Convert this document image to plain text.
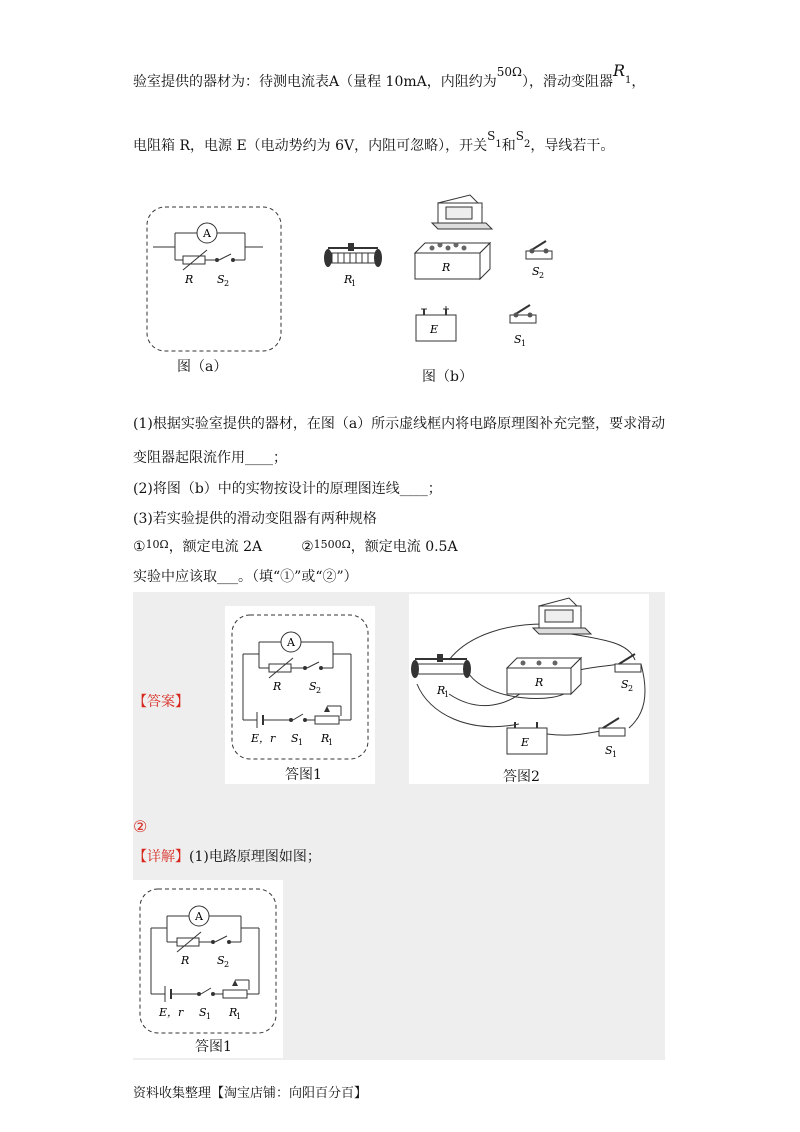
验室提供的器材为：待测电流表A（量程 10mA，内阻约为50Ω），滑动变阻器$R^1$，
电阻箱 R，电源 E（电动势约为 6V，内阻可忽略），开关$S^1$和$S^2$，导线若干。
A
R S 2
图（a）
R
1
R	S 2
E
S 1
图（b）
(1)根据实验室提供的器材，在图（a）所示虚线框内将电路原理图补充完整，要求滑动
变阻器起限流作用____；
(2)将图（b）中的实物按设计的原理图连线____；
(3)若实验提供的滑动变阻器有两种规格
①$^{10\Omega}$，额定电流 2A	②$^{1500\Omega}$，额定电流 0.5A
实验中应该取___。（填“①”或“②”）
【答案】
A
R	S 2
E，r S 1 R
1
答图1
R
1
R	S 2
E
S 1
答图2
②
【详解】(1)电路原理图如图；
A
R	S 2
E，r S 1 R
1
答图1
资料收集整理【淘宝店铺：向阳百分百】
